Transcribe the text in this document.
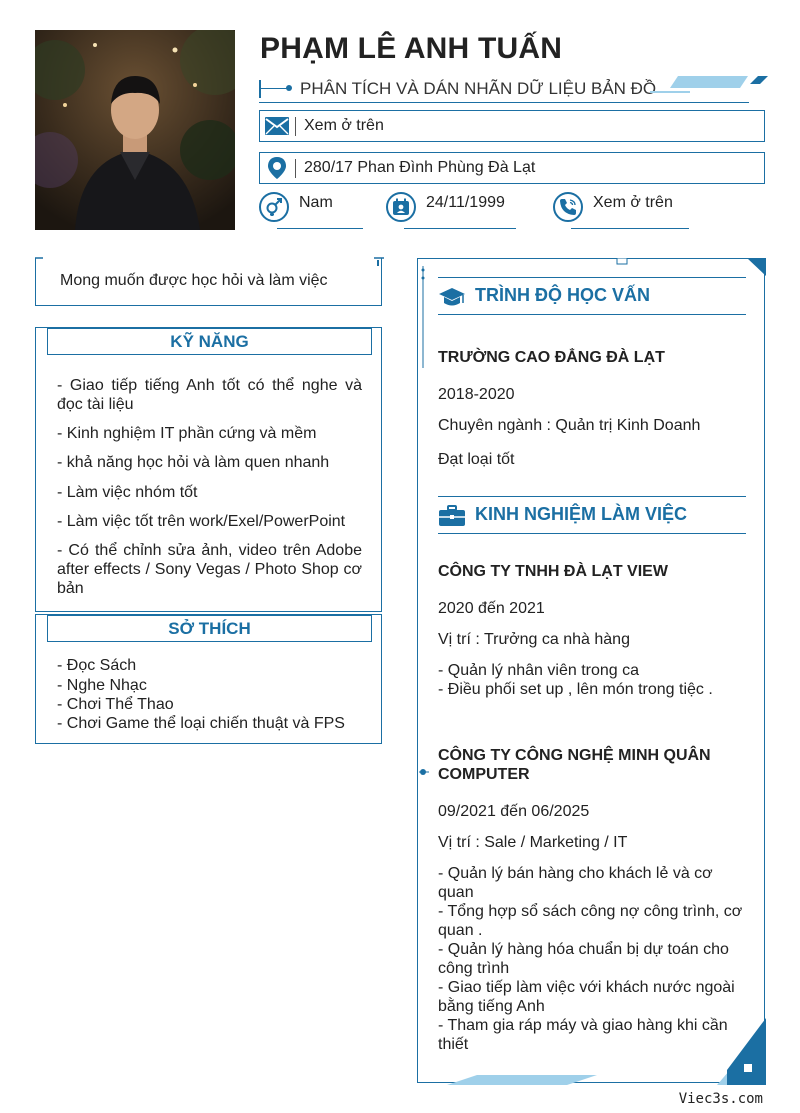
PHẠM LÊ ANH TUẤN
PHÂN TÍCH VÀ DÁN NHÃN DỮ LIỆU BẢN ĐỒ
Xem ở trên
280/17 Phan Đình Phùng Đà Lạt
Nam	24/11/1999	Xem ở trên
Mong muốn được học hỏi và làm việc
KỸ NĂNG
- Giao tiếp tiếng Anh tốt có thể nghe và đọc tài liệu
- Kinh nghiệm IT phần cứng và mềm
- khả năng học hỏi và làm quen nhanh
- Làm việc nhóm tốt
- Làm việc tốt trên work/Exel/PowerPoint
- Có thể chỉnh sửa ảnh, video trên Adobe after effects / Sony Vegas / Photo Shop cơ bản
SỞ THÍCH
- Đọc Sách
- Nghe Nhạc
- Chơi Thể Thao
- Chơi Game thể loại chiến thuật và FPS
TRÌNH ĐỘ HỌC VẤN
TRƯỜNG CAO ĐẲNG ĐÀ LẠT
2018-2020
Chuyên ngành : Quản trị Kinh Doanh
Đạt loại tốt
KINH NGHIỆM LÀM VIỆC
CÔNG TY TNHH ĐÀ LẠT VIEW
2020 đến 2021
Vị trí : Trưởng ca nhà hàng
- Quản lý nhân viên trong ca
- Điều phối set up , lên món trong tiệc .
CÔNG TY CÔNG NGHỆ MINH QUÂN COMPUTER
09/2021 đến 06/2025
Vị trí : Sale / Marketing / IT
- Quản lý bán hàng cho khách lẻ và cơ quan
- Tổng hợp sổ sách công nợ công trình, cơ quan .
- Quản lý hàng hóa chuẩn bị dự toán cho công trình
- Giao tiếp làm việc với khách nước ngoài bằng tiếng Anh
- Tham gia ráp máy và giao hàng khi cần thiết
Viec3s.com
